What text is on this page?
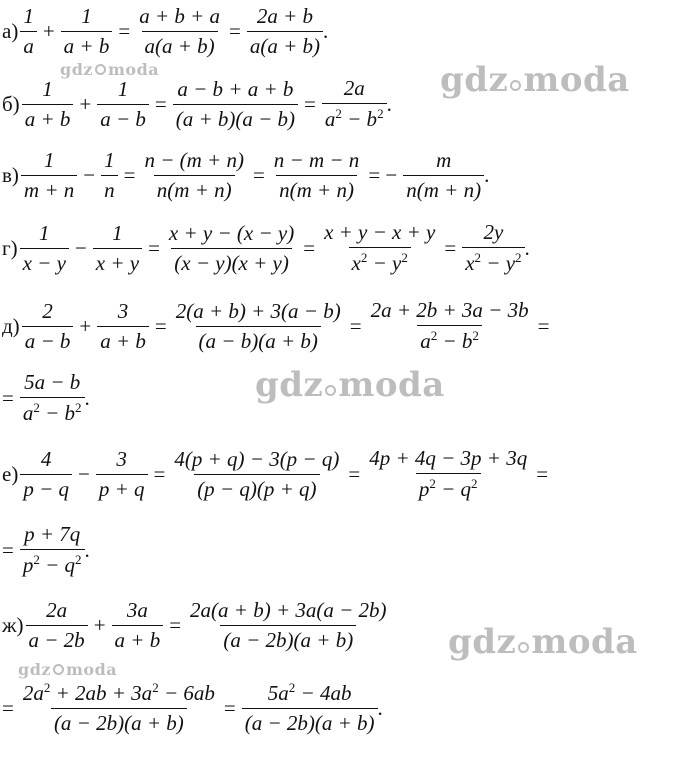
gdz moda	gdz moda
gdz moda
gdz moda
gdz moda
$а) \frac{1}{a} + \frac{1}{a + b} = \frac{a + b + a}{a(a + b)} = \frac{2a + b}{a(a + b)}$ .
$б) \frac{1}{a + b} + \frac{1}{a - b} = \frac{a - b + a + b}{(a + b)(a - b)} = \frac{2a}{a^2 - b^2}$ .
$в) \frac{1}{m + n} - \frac{1}{n} = \frac{n - (m + n)}{n(m + n)} = \frac{n - m - n}{n(m + n)}$ = − $\frac{m}{n(m + n)}$ .
$г) \frac{1}{x - y} - \frac{1}{x + y} = \frac{x + y - (x - y)}{(x - y)(x + y)} = \frac{x + y - x + y}{x^2 - y^2} = \frac{2y}{x^2 - y^2}$ .
$д) \frac{2}{a - b} + \frac{3}{a + b} = \frac{2(a + b) + 3(a - b)}{(a - b)(a + b)} = \frac{2a + 2b + 3a - 3b}{a^2 - b^2}$ =
= $\frac{5a - b}{a^2 - b^2}$ .
$е) \frac{4}{p - q} - \frac{3}{p + q} = \frac{4(p + q) - 3(p - q)}{(p - q)(p + q)} = \frac{4p + 4q - 3p + 3q}{p^2 - q^2}$ =
= $\frac{p + 7q}{p^2 - q^2}$ .
$ж) \frac{2a}{a - 2b} + \frac{3a}{a + b} = \frac{2a(a + b) + 3a(a - 2b)}{(a - 2b)(a + b)}$
= $\frac{2a^2 + 2ab + 3a^2 - 6ab}{(a - 2b)(a + b)} = \frac{5a^2 - 4ab}{(a - 2b)(a + b)}$ .
